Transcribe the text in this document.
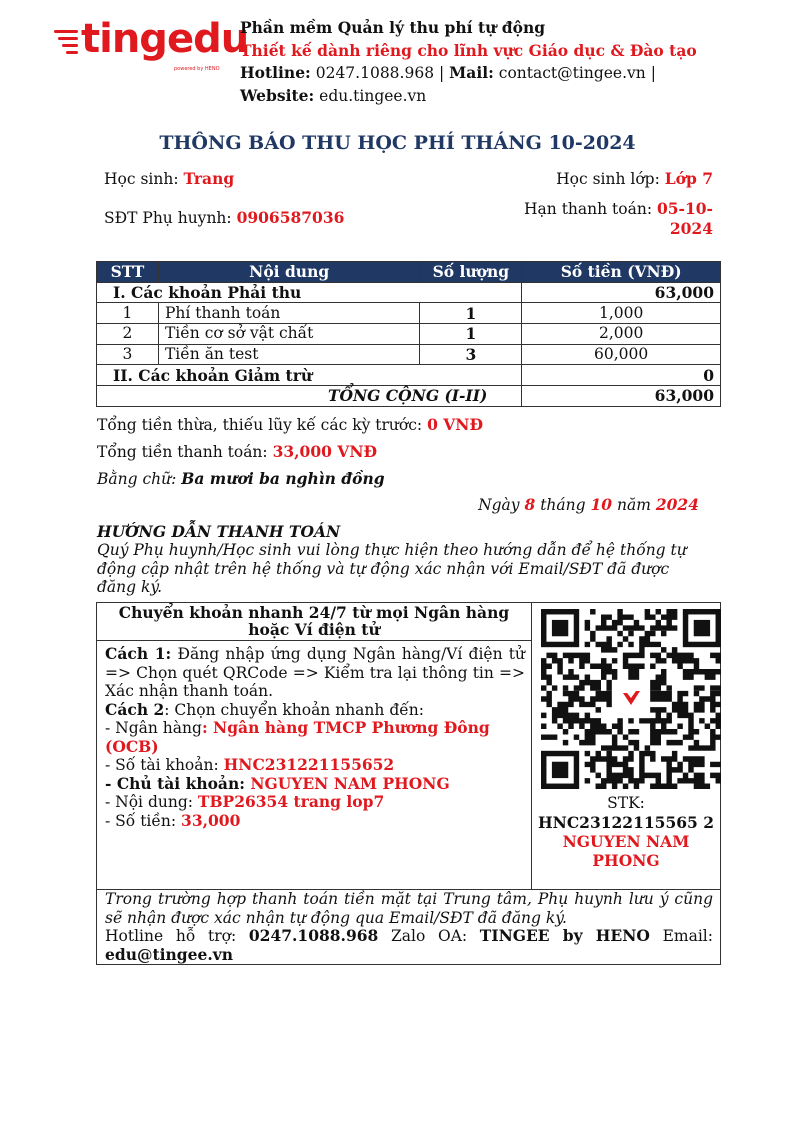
tingedu
powered by HENO
Phần mềm Quản lý thu phí tự động
Thiết kế dành riêng cho lĩnh vực Giáo dục & Đào tạo
Hotline: 0247.1088.968 | Mail: contact@tingee.vn |
Website: edu.tingee.vn
THÔNG BÁO THU HỌC PHÍ THÁNG 10-2024
Học sinh: Trang	Học sinh lớp: Lớp 7
SĐT Phụ huynh: 0906587036	Hạn thanh toán: 05-10-
2024
STT	Nội dung	Số lượng	Số tiền (VNĐ)
I. Các khoản Phải thu			63,000
1	Phí thanh toán	1	1,000
2	Tiền cơ sở vật chất	1	2,000
3	Tiền ăn test	3	60,000
II. Các khoản Giảm trừ			0
TỔNG CỘNG (I-II)			63,000
Tổng tiền thừa, thiếu lũy kế các kỳ trước: 0 VNĐ
Tổng tiền thanh toán: 33,000 VNĐ
Bằng chữ: Ba mươi ba nghìn đồng
Ngày 8 tháng 10 năm 2024
HƯỚNG DẪN THANH TOÁN
Quý Phụ huynh/Học sinh vui lòng thực hiện theo hướng dẫn để hệ thống tự động cập nhật trên hệ thống và tự động xác nhận với Email/SĐT đã được đăng ký.
Chuyển khoản nhanh 24/7 từ mọi Ngân hàng hoặc Ví điện tử
Cách 1: Đăng nhập ứng dụng Ngân hàng/Ví điện tử => Chọn quét QRCode => Kiểm tra lại thông tin => Xác nhận thanh toán.
Cách 2: Chọn chuyển khoản nhanh đến:
- Ngân hàng: Ngân hàng TMCP Phương Đông (OCB)
- Số tài khoản: HNC231221155652
- Chủ tài khoản: NGUYEN NAM PHONG
- Nội dung: TBP26354 trang lop7
- Số tiền: 33,000
STK:
HNC23122115565 2
NGUYEN NAM PHONG
Trong trường hợp thanh toán tiền mặt tại Trung tâm, Phụ huynh lưu ý cũng sẽ nhận được xác nhận tự động qua Email/SĐT đã đăng ký.
Hotline hỗ trợ: 0247.1088.968 Zalo OA: TINGEE by HENO Email:
edu@tingee.vn
